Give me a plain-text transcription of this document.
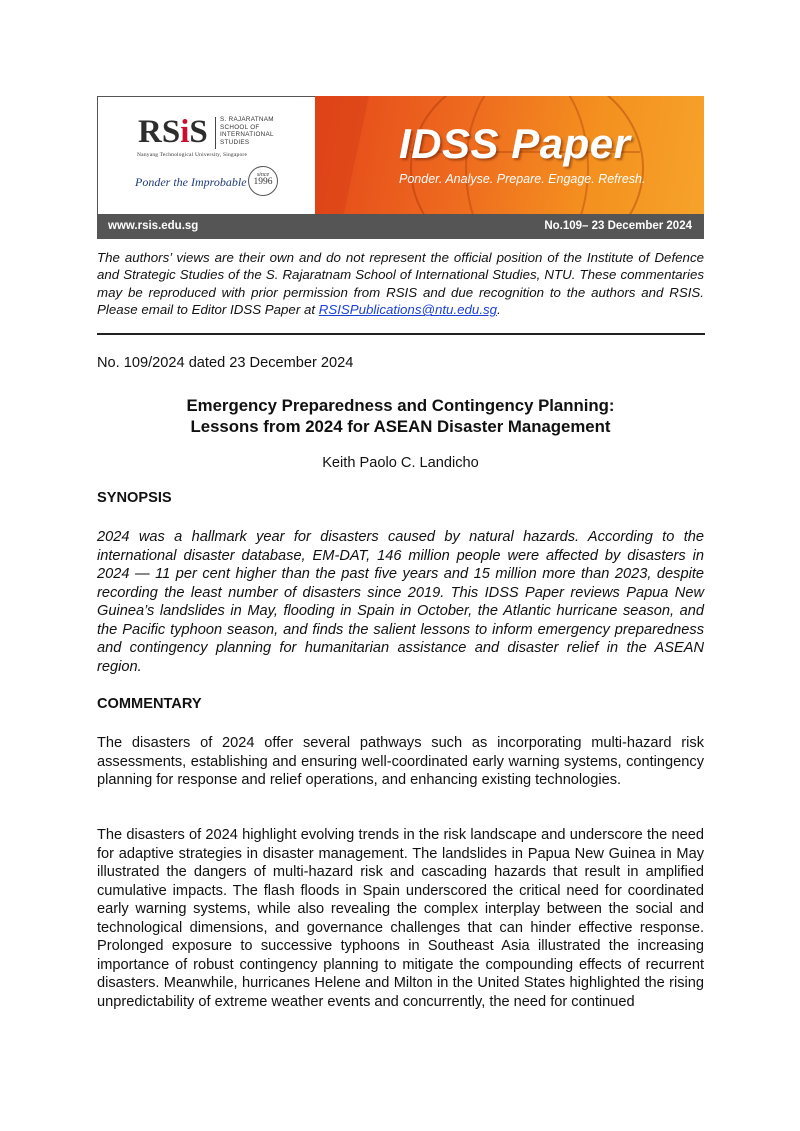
RSiS S. RAJARATNAM
SCHOOL OF
INTERNATIONAL
STUDIES
Nanyang Technological University, Singapore
Ponder the Improbable	since
1996
IDSS Paper
Ponder. Analyse. Prepare. Engage. Refresh.
www.rsis.edu.sg	No.109– 23 December 2024
The authors’ views are their own and do not represent the official position of the Institute of Defence and Strategic Studies of the S. Rajaratnam School of International Studies, NTU. These commentaries may be reproduced with prior permission from RSIS and due recognition to the authors and RSIS. Please email to Editor IDSS Paper at RSISPublications@ntu.edu.sg.
No. 109/2024 dated 23 December 2024
Emergency Preparedness and Contingency Planning:
Lessons from 2024 for ASEAN Disaster Management
Keith Paolo C. Landicho
SYNOPSIS
2024 was a hallmark year for disasters caused by natural hazards. According to the international disaster database, EM-DAT, 146 million people were affected by disasters in 2024 — 11 per cent higher than the past five years and 15 million more than 2023, despite recording the least number of disasters since 2019. This IDSS Paper reviews Papua New Guinea’s landslides in May, flooding in Spain in October, the Atlantic hurricane season, and the Pacific typhoon season, and finds the salient lessons to inform emergency preparedness and contingency planning for humanitarian assistance and disaster relief in the ASEAN region.
COMMENTARY
The disasters of 2024 offer several pathways such as incorporating multi-hazard risk assessments, establishing and ensuring well-coordinated early warning systems, contingency planning for response and relief operations, and enhancing existing technologies.
The disasters of 2024 highlight evolving trends in the risk landscape and underscore the need for adaptive strategies in disaster management. The landslides in Papua New Guinea in May illustrated the dangers of multi-hazard risk and cascading hazards that result in amplified cumulative impacts. The flash floods in Spain underscored the critical need for coordinated early warning systems, while also revealing the complex interplay between the social and technological dimensions, and governance challenges that can hinder effective response. Prolonged exposure to successive typhoons in Southeast Asia illustrated the increasing importance of robust contingency planning to mitigate the compounding effects of recurrent disasters. Meanwhile, hurricanes Helene and Milton in the United States highlighted the rising unpredictability of extreme weather events and concurrently, the need for continued
